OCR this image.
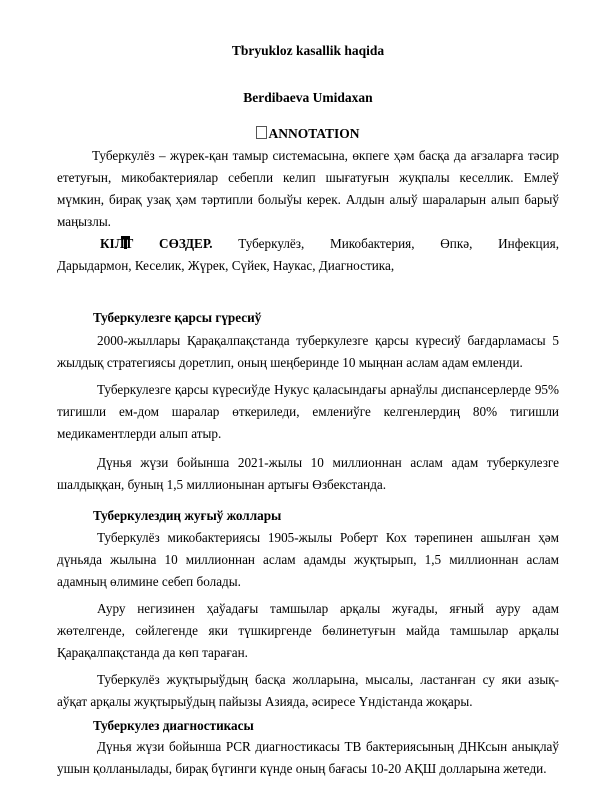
Tbryukloz kasallik haqida
Berdibaeva Umidaxan
ANNOTATION
Туберкулёз – жүрек-қан тамыр системасына, өкпеге ҳәм басқа да ағзаларға тәсир ететуғын, микобактериялар себепли келип шығатуғын жуқпалы кеселлик. Емлеў мүмкин, бирақ узақ ҳәм тәртипли болыўы керек. Алдын алыў шараларын алып барыў маңызлы.
КІЛТ СӨЗДЕР. Туберкулёз, Микобактерия, Өпкә, Инфекция,
Дарыдармон, Кеселик, Жүрек, Сүйек, Наукас, Диагностика,
Туберкулезге қарсы гүресиў
2000-жыллары Қарақалпақстанда туберкулезге қарсы күресиў бағдарламасы 5 жылдық стратегиясы доретлип, оның шеңберинде 10 мыңнан аслам адам емленди.
Туберкулезге қарсы күресиўде Нукус қаласындағы арнаўлы диспансерлерде 95% тигишли ем-дом шаралар өткериледи, емлениўге келгенлердиң 80% тигишли медикаментлерди алып атыр.
Дүнья жүзи бойынша 2021-жылы 10 миллионнан аслам адам туберкулезге шалдыққан, буның 1,5 миллионынан артығы Өзбекстанда.
Туберкулездиң жуғыў жоллары
Туберкулёз микобактериясы 1905-жылы Роберт Кох тәрепинен ашылған ҳәм дүньяда жылына 10 миллионнан аслам адамды жуқтырып, 1,5 миллионнан аслам адамның өлимине себеп болады.
Ауру негизинен ҳаўадағы тамшылар арқалы жуғады, яғный ауру адам жөтелгенде, сөйлегенде яки түшкиргенде бөлинетуғын майда тамшылар арқалы Қарақалпақстанда да көп тараған.
Туберкулёз жуқтырыўдың басқа жолларына, мысалы, ластанған су яки азық-аўқат арқалы жуқтырыўдың пайызы Азияда, әсиресе Үндістанда жоқары.
Туберкулез диагностикасы
Дүнья жүзи бойынша PCR диагностикасы TB бактериясының ДНКсын анықлаў ушын қолланылады, бирақ бүгинги күнде оның бағасы 10-20 АҚШ долларына жетеди.
